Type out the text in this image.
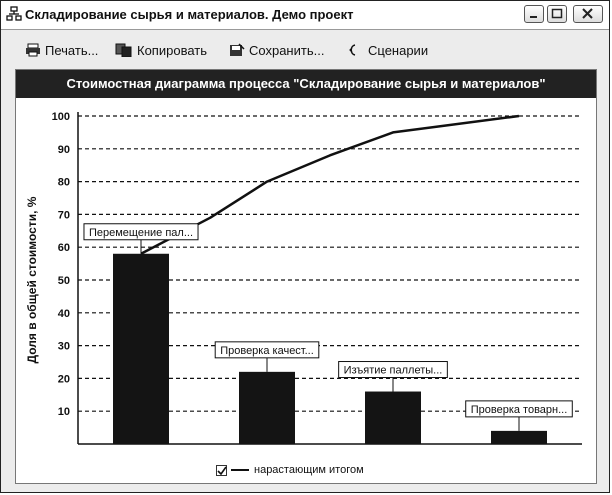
Складирование сырья и материалов. Демо проект
Печать...	Копировать	Сохранить...	Сценарии
Стоимостная диаграмма процесса "Складирование сырья и материалов"
10
20
30
40
50
60
70
80
90
100
Доля в общей стоимости, %	Перемещение пал...
Проверка качест...
Изъятие паллеты...
Проверка товарн...
нарастающим итогом
